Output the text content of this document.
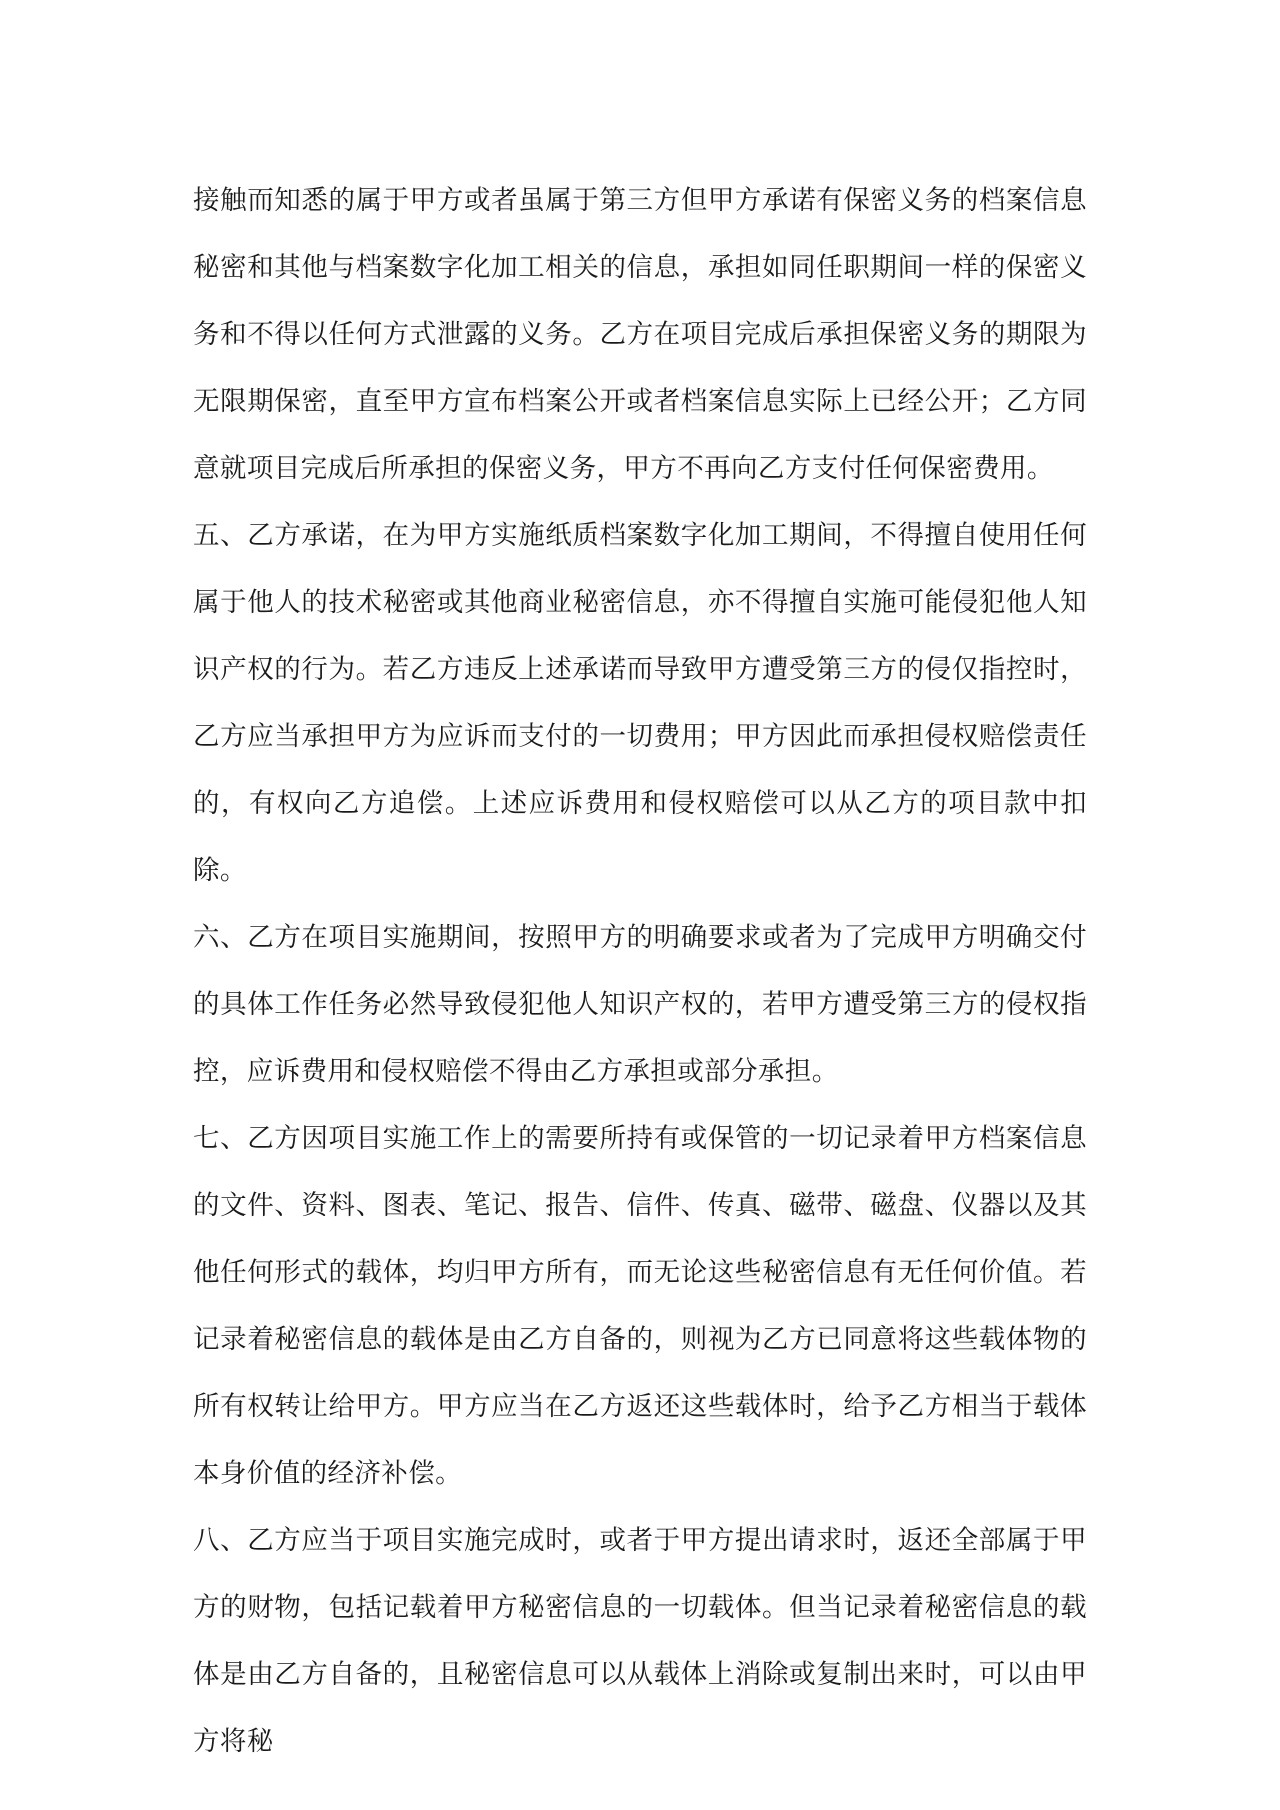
接触而知悉的属于甲方或者虽属于第三方但甲方承诺有保密义务的档案信息秘密和其他与档案数字化加工相关的信息，承担如同任职期间一样的保密义务和不得以任何方式泄露的义务。乙方在项目完成后承担保密义务的期限为无限期保密，直至甲方宣布档案公开或者档案信息实际上已经公开；乙方同意就项目完成后所承担的保密义务，甲方不再向乙方支付任何保密费用。

五、乙方承诺，在为甲方实施纸质档案数字化加工期间，不得擅自使用任何属于他人的技术秘密或其他商业秘密信息，亦不得擅自实施可能侵犯他人知识产权的行为。若乙方违反上述承诺而导致甲方遭受第三方的侵仅指控时，乙方应当承担甲方为应诉而支付的一切费用；甲方因此而承担侵权赔偿责任的，有权向乙方追偿。上述应诉费用和侵权赔偿可以从乙方的项目款中扣除。

六、乙方在项目实施期间，按照甲方的明确要求或者为了完成甲方明确交付的具体工作任务必然导致侵犯他人知识产权的，若甲方遭受第三方的侵权指控，应诉费用和侵权赔偿不得由乙方承担或部分承担。

七、乙方因项目实施工作上的需要所持有或保管的一切记录着甲方档案信息的文件、资料、图表、笔记、报告、信件、传真、磁带、磁盘、仪器以及其他任何形式的载体，均归甲方所有，而无论这些秘密信息有无任何价值。若记录着秘密信息的载体是由乙方自备的，则视为乙方已同意将这些载体物的所有权转让给甲方。甲方应当在乙方返还这些载体时，给予乙方相当于载体本身价值的经济补偿。

八、乙方应当于项目实施完成时，或者于甲方提出请求时，返还全部属于甲方的财物，包括记载着甲方秘密信息的一切载体。但当记录着秘密信息的载体是由乙方自备的，且秘密信息可以从载体上消除或复制出来时，可以由甲方将秘
